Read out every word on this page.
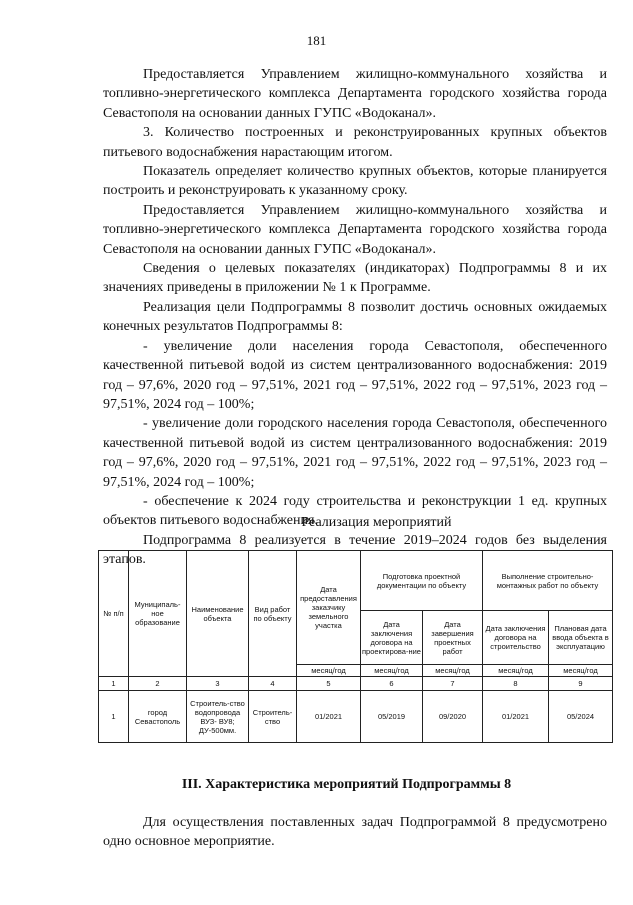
181

Предоставляется Управлением жилищно-коммунального хозяйства и топливно-энергетического комплекса Департамента городского хозяйства города Севастополя на основании данных ГУПС «Водоканал».

3. Количество построенных и реконструированных крупных объектов питьевого водоснабжения нарастающим итогом.

Показатель определяет количество крупных объектов, которые планируется построить и реконструировать к указанному сроку.

Предоставляется Управлением жилищно-коммунального хозяйства и топливно-энергетического комплекса Департамента городского хозяйства города Севастополя на основании данных ГУПС «Водоканал».

Сведения о целевых показателях (индикаторах) Подпрограммы 8 и их значениях приведены в приложении № 1 к Программе.

Реализация цели Подпрограммы 8 позволит достичь основных ожидаемых конечных результатов Подпрограммы 8:

- увеличение доли населения города Севастополя, обеспеченного качественной питьевой водой из систем централизованного водоснабжения: 2019 год – 97,6%, 2020 год – 97,51%, 2021 год – 97,51%, 2022 год – 97,51%, 2023 год – 97,51%, 2024 год – 100%;

- увеличение доли городского населения города Севастополя, обеспеченного качественной питьевой водой из систем централизованного водоснабжения: 2019 год – 97,6%, 2020 год – 97,51%, 2021 год – 97,51%, 2022 год – 97,51%, 2023 год – 97,51%, 2024 год – 100%;

- обеспечение к 2024 году строительства и реконструкции 1 ед. крупных объектов питьевого водоснабжения.

Подпрограмма 8 реализуется в течение 2019–2024 годов без выделения этапов.

Реализация мероприятий
№ п/п	Муниципаль-ное образование	Наименование объекта	Вид работ по объекту	Дата предоставления заказчику земельного участка	Подготовка проектной документации по объекту		Выполнение строительно-монтажных работ по объекту	
					Дата заключения договора на проектирова-ние	Дата завершения проектных работ	Дата заключения договора на строительство	Плановая дата ввода объекта в эксплуатацию
				месяц/год	месяц/год	месяц/год	месяц/год	месяц/год
1	2	3	4	5	6	7	8	9
1	город Севастополь	Строитель-ство водопровода ВУЗ- ВУ8; ДУ-500мм.	Строитель-ство	01/2021	05/2019	09/2020	01/2021	05/2024
III. Характеристика мероприятий Подпрограммы 8

Для осуществления поставленных задач Подпрограммой 8 предусмотрено одно основное мероприятие.
